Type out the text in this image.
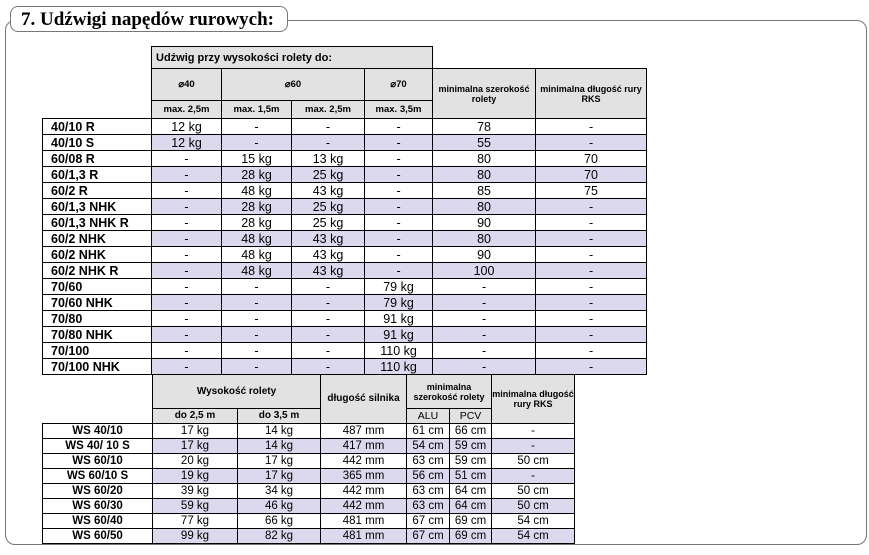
7. Udźwigi napędów rurowych:
	Udźwig przy wysokości rolety do:					
	⌀40	⌀60		⌀70	minimalna szerokość rolety	minimalna długość rury RKS
	max. 2,5m	max. 1,5m	max. 2,5m	max. 3,5m		
40/10 R	12 kg	-	-	-	78	-
40/10 S	12 kg	-	-	-	55	-
60/08 R	-	15 kg	13 kg	-	80	70
60/1,3 R	-	28 kg	25 kg	-	80	70
60/2 R	-	48 kg	43 kg	-	85	75
60/1,3 NHK	-	28 kg	25 kg	-	80	-
60/1,3 NHK R	-	28 kg	25 kg	-	90	-
60/2 NHK	-	48 kg	43 kg	-	80	-
60/2 NHK	-	48 kg	43 kg	-	90	-
60/2 NHK R	-	48 kg	43 kg	-	100	-
70/60	-	-	-	79 kg	-	-
70/60 NHK	-	-	-	79 kg	-	-
70/80	-	-	-	91 kg	-	-
70/80 NHK	-	-	-	91 kg	-	-
70/100	-	-	-	110 kg	-	-
70/100 NHK	-	-	-	110 kg	-	-
	Wysokość rolety		długość silnika	minimalna szerokość rolety		minimalna długość rury RKS

	do 2,5 m	do 3,5 m		ALU	PCV	
WS 40/10	17 kg	14 kg	487 mm	61 cm	66 cm	-
WS 40/ 10 S	17 kg	14 kg	417 mm	54 cm	59 cm	-
WS 60/10	20 kg	17 kg	442 mm	63 cm	59 cm	50 cm
WS 60/10 S	19 kg	17 kg	365 mm	56 cm	51 cm	-
WS 60/20	39 kg	34 kg	442 mm	63 cm	64 cm	50 cm
WS 60/30	59 kg	46 kg	442 mm	63 cm	64 cm	50 cm
WS 60/40	77 kg	66 kg	481 mm	67 cm	69 cm	54 cm
WS 60/50	99 kg	82 kg	481 mm	67 cm	69 cm	54 cm
